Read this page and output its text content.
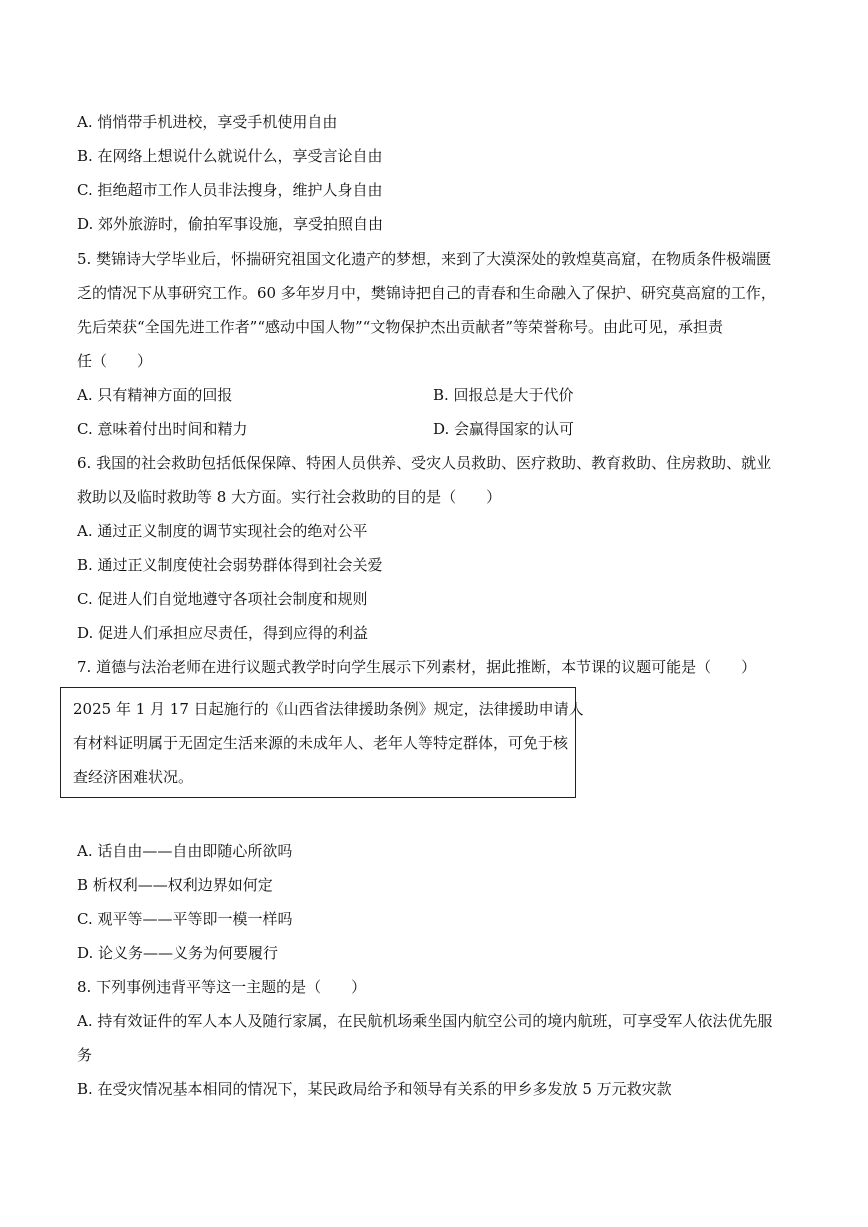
A. 悄悄带手机进校，享受手机使用自由
B. 在网络上想说什么就说什么，享受言论自由
C. 拒绝超市工作人员非法搜身，维护人身自由
D. 郊外旅游时，偷拍军事设施，享受拍照自由
5. 樊锦诗大学毕业后，怀揣研究祖国文化遗产的梦想，来到了大漠深处的敦煌莫高窟，在物质条件极端匮
乏的情况下从事研究工作。60 多年岁月中，樊锦诗把自己的青春和生命融入了保护、研究莫高窟的工作，
先后荣获“全国先进工作者”“感动中国人物”“文物保护杰出贡献者”等荣誉称号。由此可见，承担责
任（　　）
A. 只有精神方面的回报	B. 回报总是大于代价
C. 意味着付出时间和精力	D. 会赢得国家的认可
6. 我国的社会救助包括低保保障、特困人员供养、受灾人员救助、医疗救助、教育救助、住房救助、就业
救助以及临时救助等 8 大方面。实行社会救助的目的是（　　）
A. 通过正义制度的调节实现社会的绝对公平
B. 通过正义制度使社会弱势群体得到社会关爱
C. 促进人们自觉地遵守各项社会制度和规则
D. 促进人们承担应尽责任，得到应得的利益
7. 道德与法治老师在进行议题式教学时向学生展示下列素材，据此推断，本节课的议题可能是（　　）
2025 年 1 月 17 日起施行的《山西省法律援助条例》规定，法律援助申请人
有材料证明属于无固定生活来源的未成年人、老年人等特定群体，可免于核
查经济困难状况。
A. 话自由——自由即随心所欲吗
B 析权利——权利边界如何定
C. 观平等——平等即一模一样吗
D. 论义务——义务为何要履行
8. 下列事例违背平等这一主题的是（　　）
A. 持有效证件的军人本人及随行家属，在民航机场乘坐国内航空公司的境内航班，可享受军人依法优先服
务
B. 在受灾情况基本相同的情况下，某民政局给予和领导有关系的甲乡多发放 5 万元救灾款
